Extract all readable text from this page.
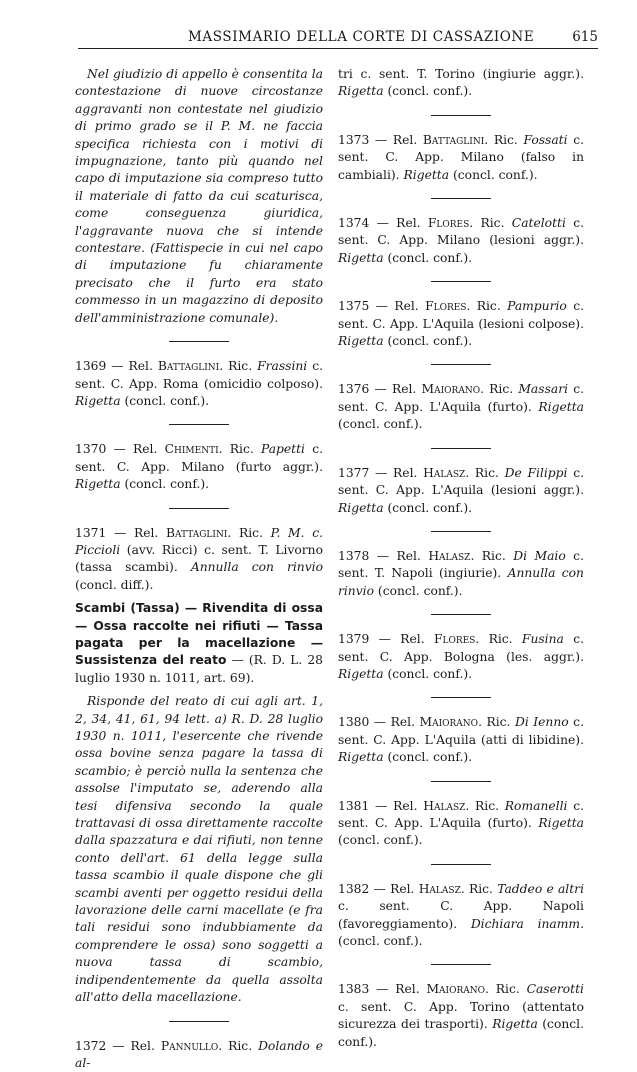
MASSIMARIO DELLA CORTE DI CASSAZIONE	615

Nel giudizio di appello è consentita la contestazione di nuove circostanze aggravanti non contestate nel giudizio di primo grado se il P. M. ne faccia specifica richiesta con i motivi di impugnazione, tanto più quando nel capo di imputazione sia compreso tutto il materiale di fatto da cui scaturisca, come conseguenza giuridica, l'aggravante nuova che si intende contestare. (Fattispecie in cui nel capo di imputazione fu chiaramente precisato che il furto era stato commesso in un magazzino di deposito dell'amministrazione comunale).

1369 — Rel. Battaglini. Ric. Frassini c. sent. C. App. Roma (omicidio colposo). Rigetta (concl. conf.).

1370 — Rel. Chimenti. Ric. Papetti c. sent. C. App. Milano (furto aggr.). Rigetta (concl. conf.).

1371 — Rel. Battaglini. Ric. P. M. c. Piccioli (avv. Ricci) c. sent. T. Livorno (tassa scambi). Annulla con rinvio (concl. diff.).

Scambi (Tassa) — Rivendita di ossa — Ossa raccolte nei rifiuti — Tassa pagata per la macellazione — Sussistenza del reato — (R. D. L. 28 luglio 1930 n. 1011, art. 69).

Risponde del reato di cui agli art. 1, 2, 34, 41, 61, 94 lett. a) R. D. 28 luglio 1930 n. 1011, l'esercente che rivende ossa bovine senza pagare la tassa di scambio; è perciò nulla la sentenza che assolse l'imputato se, aderendo alla tesi difensiva secondo la quale trattavasi di ossa direttamente raccolte dalla spazzatura e dai rifiuti, non tenne conto dell'art. 61 della legge sulla tassa scambio il quale dispone che gli scambi aventi per oggetto residui della lavorazione delle carni macellate (e fra tali residui sono indubbiamente da comprendere le ossa) sono soggetti a nuova tassa di scambio, indipendentemente da quella assolta all'atto della macellazione.

1372 — Rel. Pannullo. Ric. Dolando e al-

tri c. sent. T. Torino (ingiurie aggr.). Rigetta (concl. conf.).

1373 — Rel. Battaglini. Ric. Fossati c. sent. C. App. Milano (falso in cambiali). Rigetta (concl. conf.).

1374 — Rel. Flores. Ric. Catelotti c. sent. C. App. Milano (lesioni aggr.). Rigetta (concl. conf.).

1375 — Rel. Flores. Ric. Pampurio c. sent. C. App. L'Aquila (lesioni colpose). Rigetta (concl. conf.).

1376 — Rel. Maiorano. Ric. Massari c. sent. C. App. L'Aquila (furto). Rigetta (concl. conf.).

1377 — Rel. Halasz. Ric. De Filippi c. sent. C. App. L'Aquila (lesioni aggr.). Rigetta (concl. conf.).

1378 — Rel. Halasz. Ric. Di Maio c. sent. T. Napoli (ingiurie). Annulla con rinvio (concl. conf.).

1379 — Rel. Flores. Ric. Fusina c. sent. C. App. Bologna (les. aggr.). Rigetta (concl. conf.).

1380 — Rel. Maiorano. Ric. Di Ienno c. sent. C. App. L'Aquila (atti di libidine). Rigetta (concl. conf.).

1381 — Rel. Halasz. Ric. Romanelli c. sent. C. App. L'Aquila (furto). Rigetta (concl. conf.).

1382 — Rel. Halasz. Ric. Taddeo e altri c. sent. C. App. Napoli (favoreggiamento). Dichiara inamm. (concl. conf.).

1383 — Rel. Maiorano. Ric. Caserotti c. sent. C. App. Torino (attentato sicurezza dei trasporti). Rigetta (concl. conf.).
